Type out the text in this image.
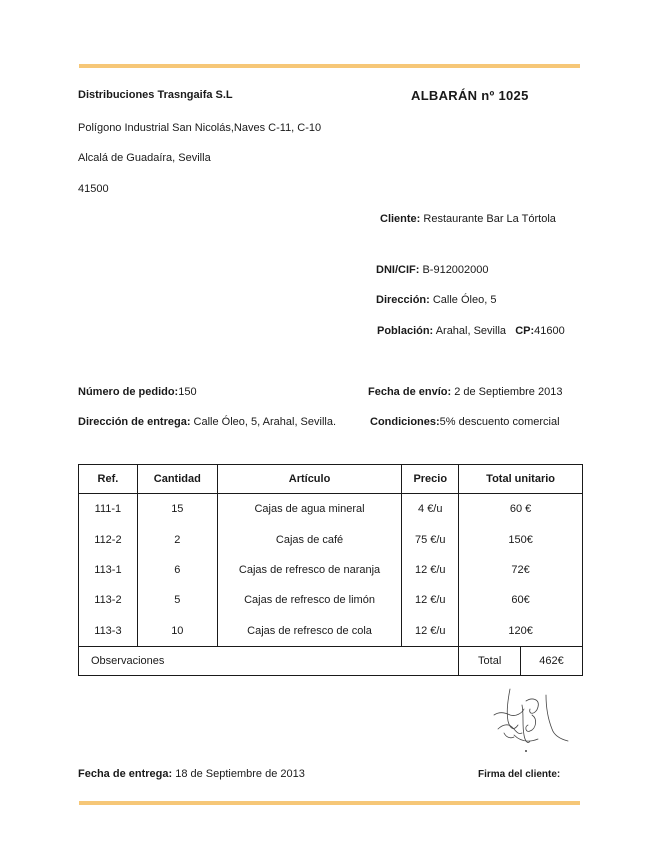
Distribuciones Trasngaifa S.L
Polígono Industrial San Nicolás,Naves C-11, C-10
Alcalá de Guadaíra, Sevilla
41500
ALBARÁN nº 1025
Cliente: Restaurante Bar La Tórtola
DNI/CIF: B-912002000
Dirección: Calle Óleo, 5
Población: Arahal, Sevilla CP:41600
Número de pedido:150	Fecha de envío: 2 de Septiembre 2013
Dirección de entrega: Calle Óleo, 5, Arahal, Sevilla.	Condiciones:5% descuento comercial
Ref.	Cantidad	Artículo	Precio	Total unitario	
111-1	15	Cajas de agua mineral	4 €/u	60 €	
112-2	2	Cajas de café	75 €/u	150€	
113-1	6	Cajas de refresco de naranja	12 €/u	72€	
113-2	5	Cajas de refresco de limón	12 €/u	60€	
113-3	10	Cajas de refresco de cola	12 €/u	120€	
Observaciones				Total	462€
Fecha de entrega: 18 de Septiembre de 2013	Firma del cliente:
